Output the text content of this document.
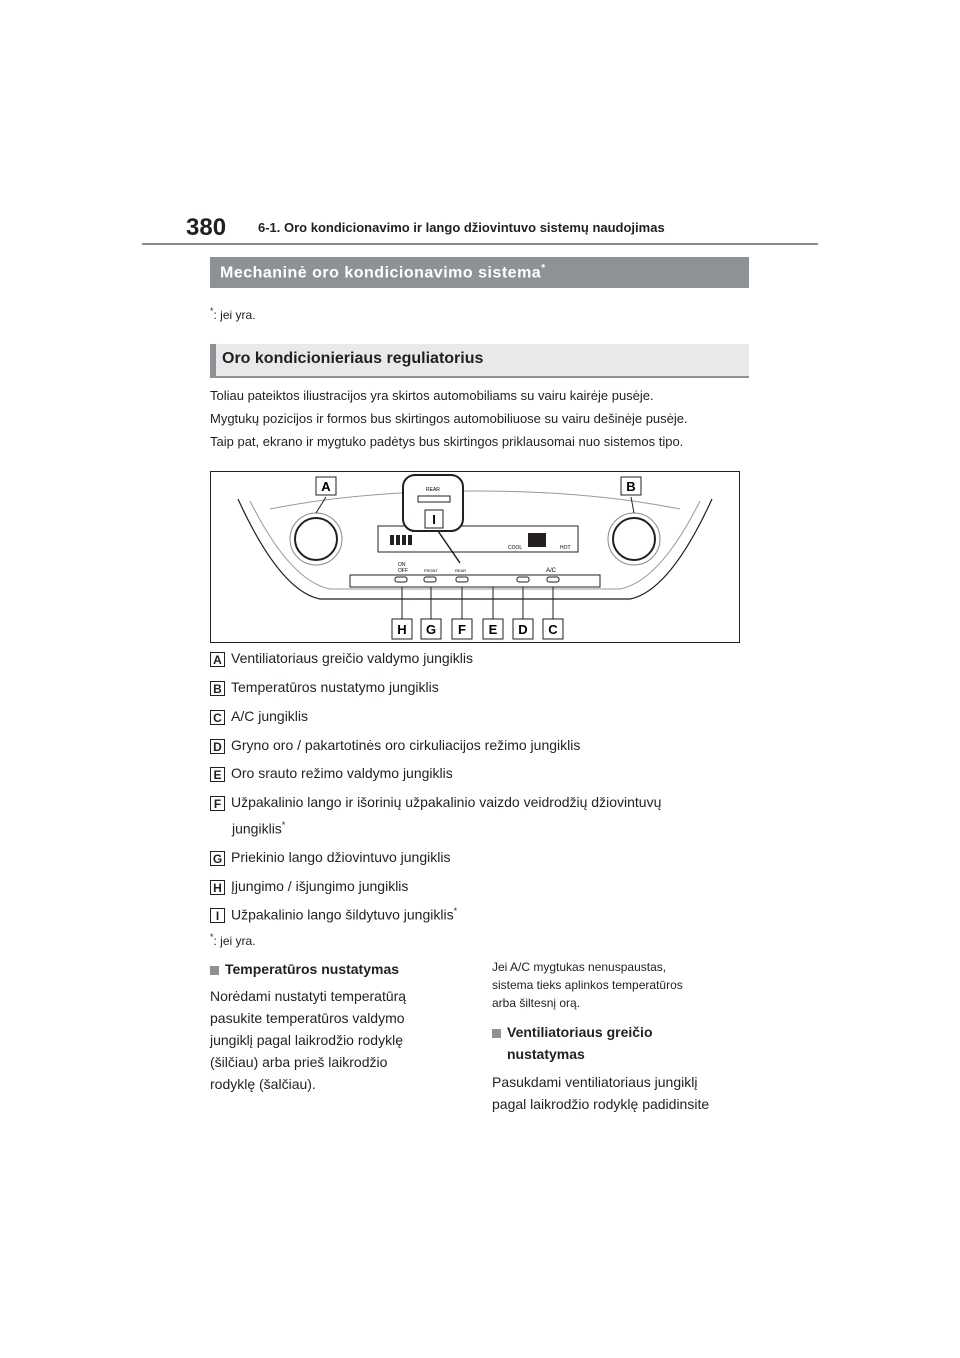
380 6-1. Oro kondicionavimo ir lango džiovintuvo sistemų naudojimas
Mechaninė oro kondicionavimo sistema*
*: jei yra.
Oro kondicionieriaus reguliatorius
Toliau pateiktos iliustracijos yra skirtos automobiliams su vairu kairėje pusėje.
Mygtukų pozicijos ir formos bus skirtingos automobiliuose su vairu dešinėje pusėje.
Taip pat, ekrano ir mygtuko padėtys bus skirtingos priklausomai nuo sistemos tipo.
COOL	HOT
ON
OFF	FRONT	REAR	A/C
REAR
A	B
I
H G F E D C
A Ventiliatoriaus greičio valdymo jungiklis
B Temperatūros nustatymo jungiklis
C A/C jungiklis
D Gryno oro / pakartotinės oro cirkuliacijos režimo jungiklis
E Oro srauto režimo valdymo jungiklis
F Užpakalinio lango ir išorinių užpakalinio vaizdo veidrodžių džiovintuvų
jungiklis*
G Priekinio lango džiovintuvo jungiklis
H Įjungimo / išjungimo jungiklis
I Užpakalinio lango šildytuvo jungiklis*
*: jei yra.
Temperatūros nustatymas
Norėdami nustatyti temperatūrą
pasukite temperatūros valdymo
jungiklį pagal laikrodžio rodyklę
(šilčiau) arba prieš laikrodžio
rodyklę (šalčiau).
Jei A/C mygtukas nenuspaustas,
sistema tieks aplinkos temperatūros
arba šiltesnį orą.
Ventiliatoriaus greičio
nustatymas
Pasukdami ventiliatoriaus jungiklį
pagal laikrodžio rodyklę padidinsite
